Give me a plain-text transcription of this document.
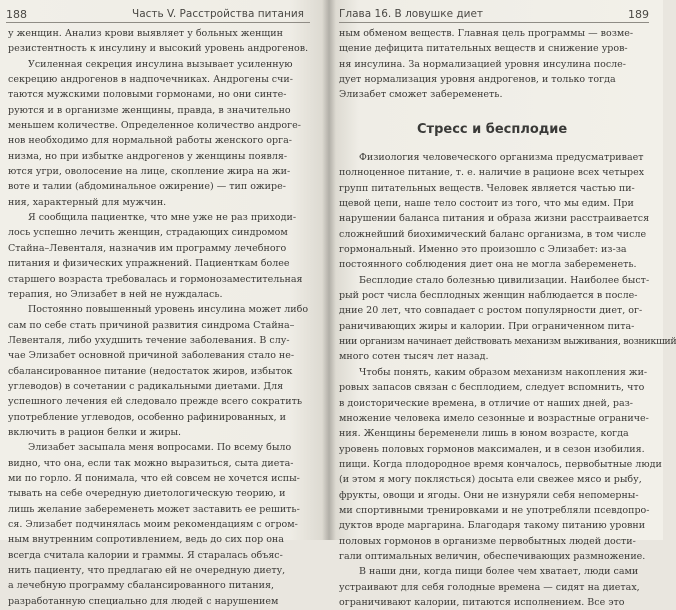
188	Часть V. Расстройства питания
у женщин. Анализ крови выявляет у больных женщин
резистентность к инсулину и высокий уровень андрогенов.
Усиленная секреция инсулина вызывает усиленную
секрецию андрогенов в надпочечниках. Андрогены счи-
таются мужскими половыми гормонами, но они синте-
руются и в организме женщины, правда, в значительно
меньшем количестве. Определенное количество андроге-
нов необходимо для нормальной работы женского орга-
низма, но при избытке андрогенов у женщины появля-
ются угри, оволосение на лице, скопление жира на жи-
воте и талии (абдоминальное ожирение) — тип ожире-
ния, характерный для мужчин.
Я сообщила пациентке, что мне уже не раз приходи-
лось успешно лечить женщин, страдающих синдромом
Стайна–Левенталя, назначив им программу лечебного
питания и физических упражнений. Пациенткам более
старшего возраста требовалась и гормонозаместительная
терапия, но Элизабет в ней не нуждалась.
Постоянно повышенный уровень инсулина может либо
сам по себе стать причиной развития синдрома Стайна–
Левенталя, либо ухудшить течение заболевания. В слу-
чае Элизабет основной причиной заболевания стало не-
сбалансированное питание (недостаток жиров, избыток
углеводов) в сочетании с радикальными диетами. Для
успешного лечения ей следовало прежде всего сократить
употребление углеводов, особенно рафинированных, и
включить в рацион белки и жиры.
Элизабет засыпала меня вопросами. По всему было
видно, что она, если так можно выразиться, сыта диета-
ми по горло. Я понимала, что ей совсем не хочется испы-
тывать на себе очередную диетологическую теорию, и
лишь желание забеременеть может заставить ее решить-
ся. Элизабет подчинялась моим рекомендациям с огром-
ным внутренним сопротивлением, ведь до сих пор она
всегда считала калории и граммы. Я старалась объяс-
нить пациенту, что предлагаю ей не очередную диету,
а лечебную программу сбалансированного питания,
разработанную специально для людей с нарушением
Глава 16. В ловушке диет	189
ным обменом веществ. Главная цель программы — возме-
щение дефицита питательных веществ и снижение уров-
ня инсулина. За нормализацией уровня инсулина после-
дует нормализация уровня андрогенов, и только тогда
Элизабет сможет забеременеть.
Стресс и бесплодие
Физиология человеческого организма предусматривает
полноценное питание, т. е. наличие в рационе всех четырех
групп питательных веществ. Человек является частью пи-
щевой цепи, наше тело состоит из того, что мы едим. При
нарушении баланса питания и образа жизни расстраивается
сложнейший биохимический баланс организма, в том числе
гормональный. Именно это произошло с Элизабет: из-за
постоянного соблюдения диет она не могла забеременеть.
Бесплодие стало болезнью цивилизации. Наиболее быст-
рый рост числа бесплодных женщин наблюдается в после-
дние 20 лет, что совпадает с ростом популярности диет, ог-
раничивающих жиры и калории. При ограниченном пита-
нии организм начинает действовать механизм выживания, возникший
много сотен тысяч лет назад.
Чтобы понять, каким образом механизм накопления жи-
ровых запасов связан с бесплодием, следует вспомнить, что
в доисторические времена, в отличие от наших дней, раз-
множение человека имело сезонные и возрастные ограниче-
ния. Женщины беременели лишь в юном возрасте, когда
уровень половых гормонов максимален, и в сезон изобилия.
пищи. Когда плодородное время кончалось, первобытные люди
(и этом я могу поклясться) досыта ели свежее мясо и рыбу,
фрукты, овощи и ягоды. Они не изнуряли себя непомерны-
ми спортивными тренировками и не употребляли псевдопро-
дуктов вроде маргарина. Благодаря такому питанию уровни
половых гормонов в организме первобытных людей дости-
гали оптимальных величин, обеспечивающих размножение.
В наши дни, когда пищи более чем хватает, люди сами
устраивают для себя голодные времена — сидят на диетах,
ограничивают калории, питаются исполнением. Все это
